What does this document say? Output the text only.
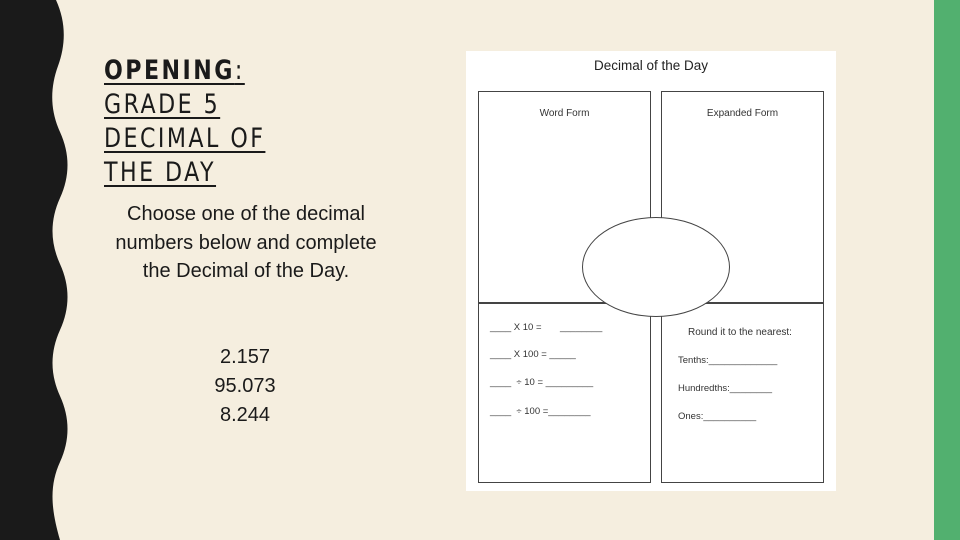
OPENING: GRADE 5 DECIMAL OF THE DAY
Choose one of the decimal numbers below and complete the Decimal of the Day.
2.157
95.073
8.244
Decimal of the Day
Word Form	Expanded Form
____ X 10 =       ________
____ X 100 = _____
____  ÷ 10 = _________
____  ÷ 100 =________
Round it to the nearest:
Tenths:_____________
Hundredths:________
Ones:__________
